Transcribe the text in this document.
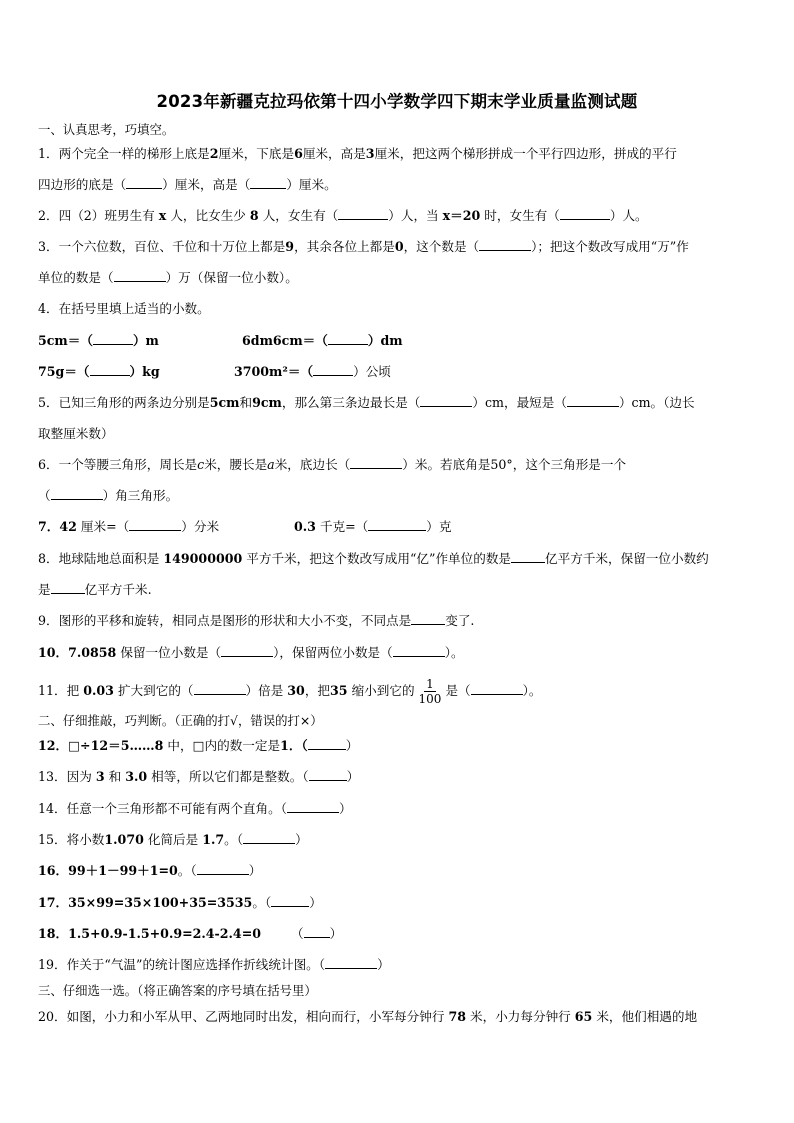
2023年新疆克拉玛依第十四小学数学四下期末学业质量监测试题
一、认真思考，巧填空。
1．两个完全一样的梯形上底是2厘米，下底是6厘米，高是3厘米，把这两个梯形拼成一个平行四边形，拼成的平行
四边形的底是（	）厘米，高是（	）厘米。
2．四（2）班男生有 x 人，比女生少 8 人，女生有（	）人，当 x＝20 时，女生有（	）人。
3．一个六位数，百位、千位和十万位上都是9，其余各位上都是0，这个数是（	）；把这个数改写成用“万”作
单位的数是（	）万（保留一位小数）。
4．在括号里填上适当的小数。
5cm＝（	）m	6dm6cm＝（	）dm
75g＝（	）kg	3700m²＝（	）公顷
5．已知三角形的两条边分别是5cm和9cm，那么第三条边最长是（	）cm，最短是（	）cm。（边长
取整厘米数）
6．一个等腰三角形，周长是c米，腰长是a米，底边长（	）米。若底角是50°，这个三角形是一个
（	）角三角形。
7．42 厘米=（	）分米	0.3 千克=（	）克
8．地球陆地总面积是 149000000 平方千米，把这个数改写成用“亿”作单位的数是	亿平方千米，保留一位小数约
是	亿平方千米.
9．图形的平移和旋转，相同点是图形的形状和大小不变，不同点是	变了.
10．7.0858 保留一位小数是（	），保留两位小数是（	）。
11．把 0.03 扩大到它的（	）倍是 30，把35 缩小到它的 $\frac{1}{100}$ 是（	）。
二、仔细推敲，巧判断。（正确的打√，错误的打×）
12．□÷12＝5……8 中，□内的数一定是1．（	）
13．因为 3 和 3.0 相等，所以它们都是整数。（	）
14．任意一个三角形都不可能有两个直角。（	）
15．将小数1.070 化简后是 1.7。（	）
16．99＋1－99＋1=0。（	）
17．35×99=35×100+35=3535。（	）
18．1.5+0.9-1.5+0.9=2.4-2.4=0 （ ）
19．作关于“气温”的统计图应选择作折线统计图。（	）
三、仔细选一选。（将正确答案的序号填在括号里）
20．如图，小力和小军从甲、乙两地同时出发，相向而行，小军每分钟行 78 米，小力每分钟行 65 米，他们相遇的地
